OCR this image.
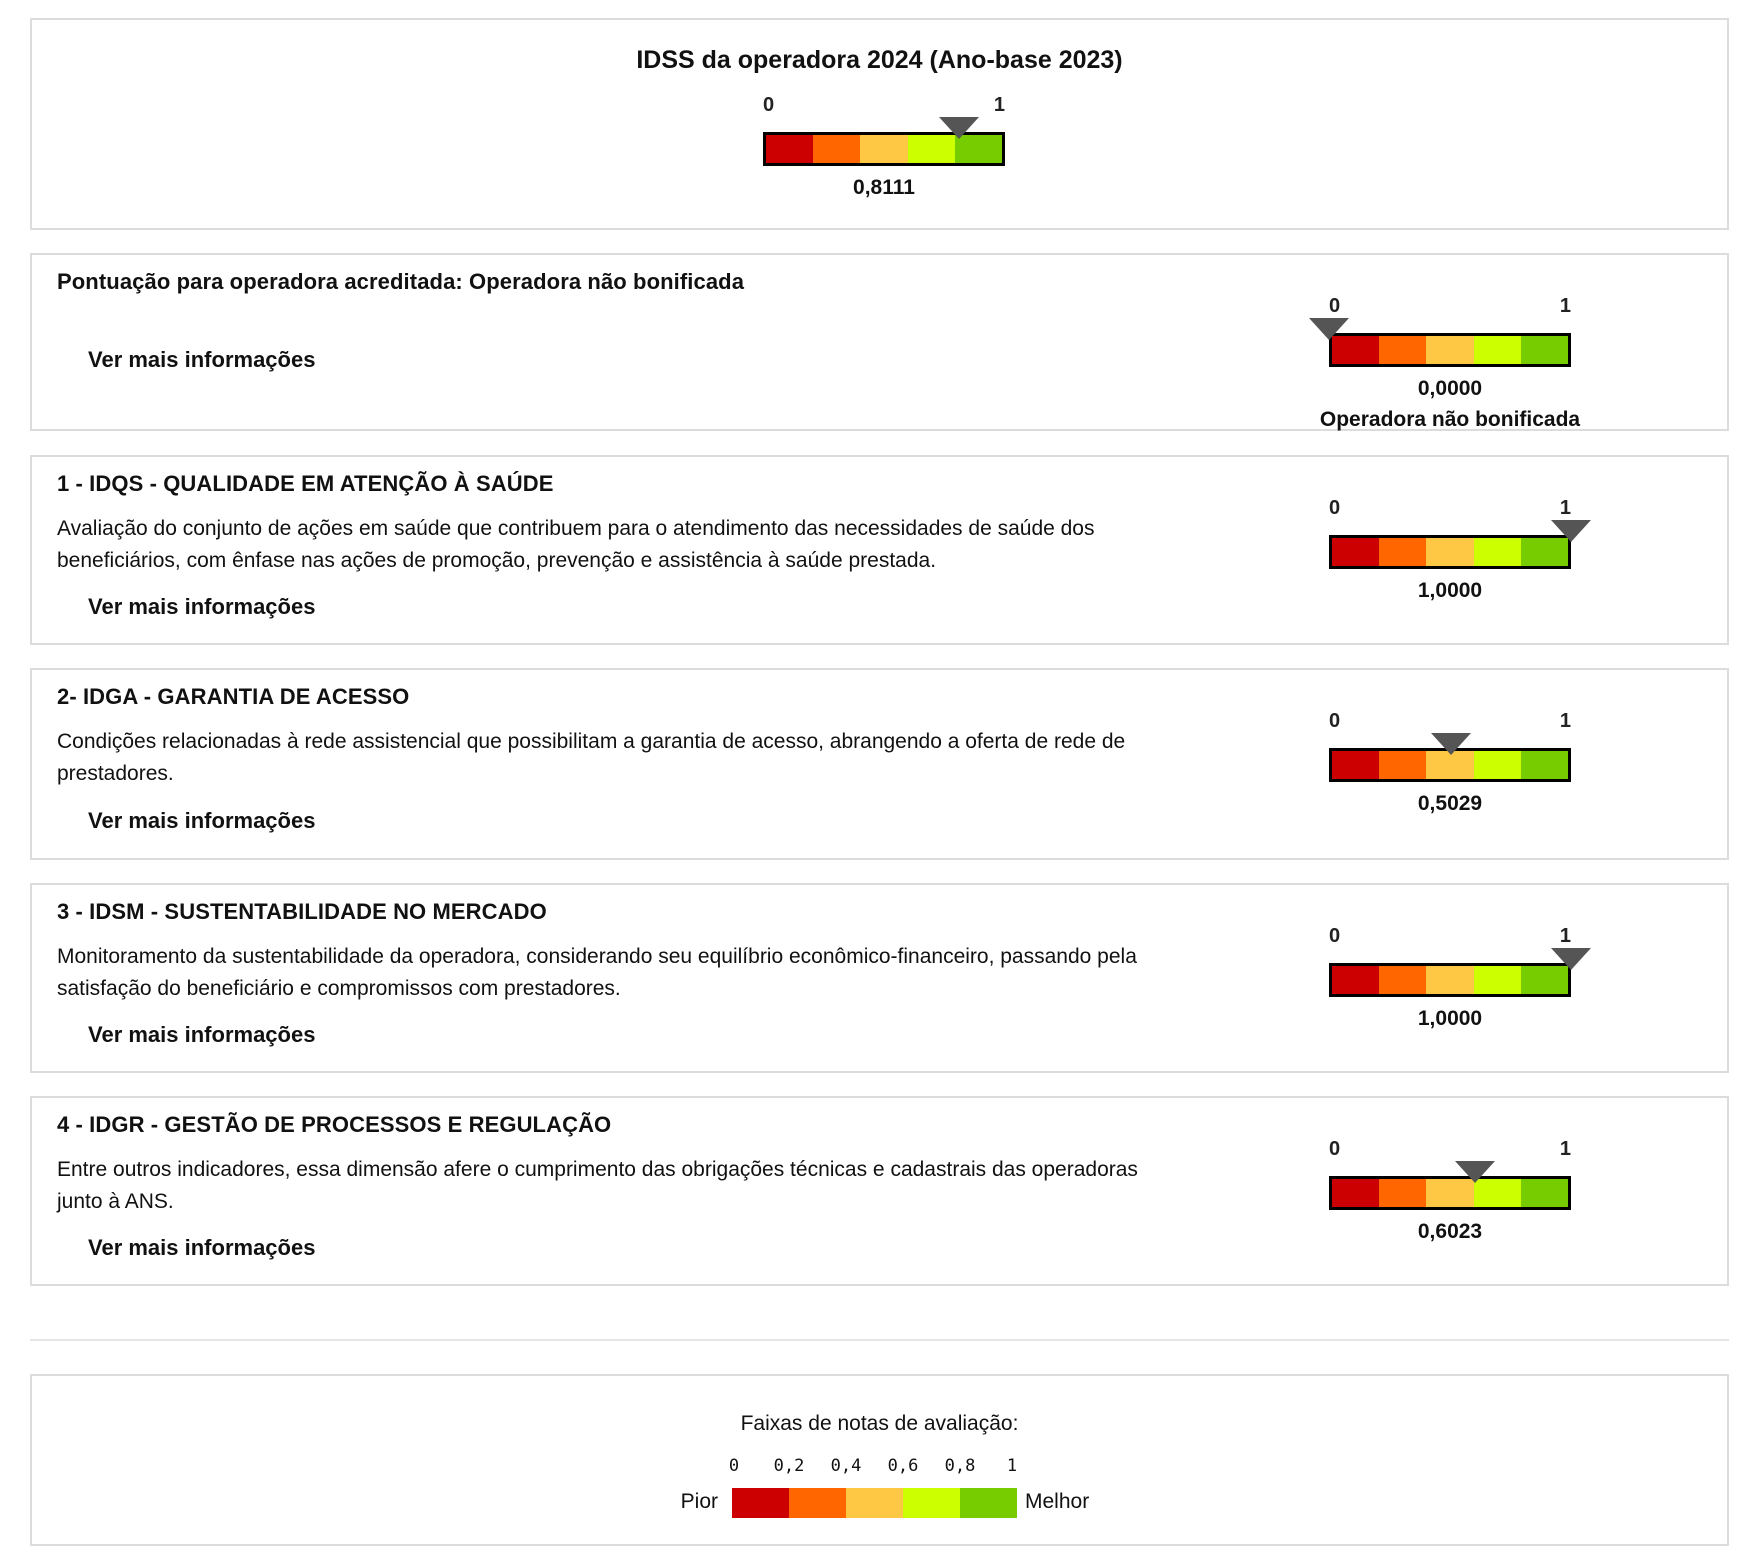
IDSS da operadora 2024 (Ano-base 2023)
0	1
0,8111
Pontuação para operadora acreditada: Operadora não bonificada
Ver mais informações
0	1
0,0000
Operadora não bonificada
1 - IDQS - QUALIDADE EM ATENÇÃO À SAÚDE
Avaliação do conjunto de ações em saúde que contribuem para o atendimento das necessidades de saúde dos beneficiários, com ênfase nas ações de promoção, prevenção e assistência à saúde prestada.
Ver mais informações
0	1
1,0000
2- IDGA - GARANTIA DE ACESSO
Condições relacionadas à rede assistencial que possibilitam a garantia de acesso, abrangendo a oferta de rede de prestadores.
Ver mais informações
0	1
0,5029
3 - IDSM - SUSTENTABILIDADE NO MERCADO
Monitoramento da sustentabilidade da operadora, considerando seu equilíbrio econômico-financeiro, passando pela satisfação do beneficiário e compromissos com prestadores.
Ver mais informações
0	1
1,0000
4 - IDGR - GESTÃO DE PROCESSOS E REGULAÇÃO
Entre outros indicadores, essa dimensão afere o cumprimento das obrigações técnicas e cadastrais das operadoras junto à ANS.
Ver mais informações
0	1
0,6023
Faixas de notas de avaliação:
0 0,2 0,4 0,6 0,8 1
Pior	Melhor
